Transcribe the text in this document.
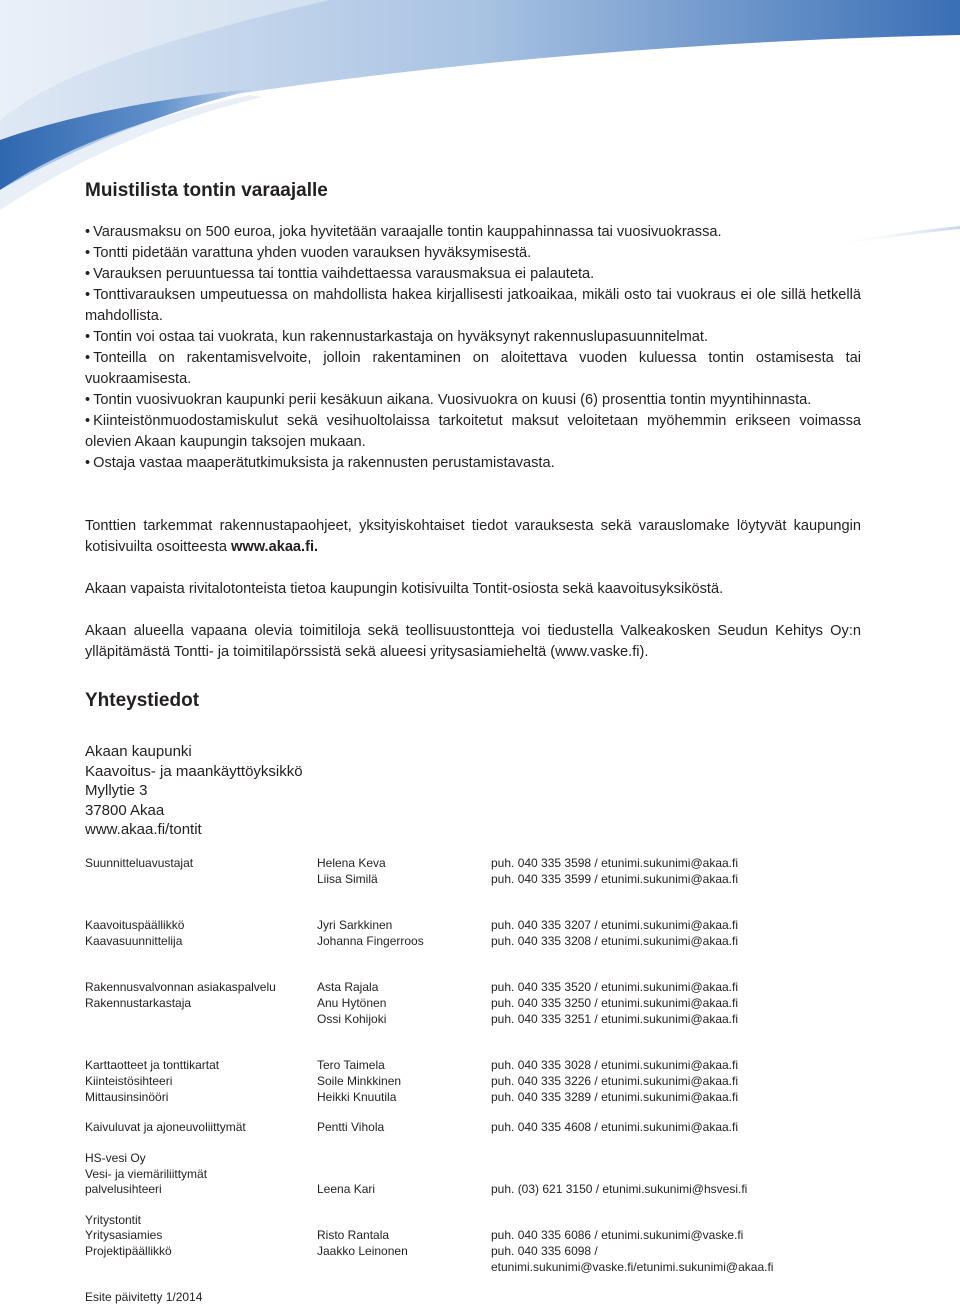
Muistilista tontin varaajalle
• Varausmaksu on 500 euroa, joka hyvitetään varaajalle tontin kauppahinnassa tai vuosivuokrassa.
• Tontti pidetään varattuna yhden vuoden varauksen hyväksymisestä.
• Varauksen peruuntuessa tai tonttia vaihdettaessa varausmaksua ei palauteta.
• Tonttivarauksen umpeutuessa on mahdollista hakea kirjallisesti jatkoaikaa, mikäli osto tai vuokraus ei ole sillä hetkellä mahdollista.
• Tontin voi ostaa tai vuokrata, kun rakennustarkastaja on hyväksynyt rakennuslupasuunnitelmat.
• Tonteilla on rakentamisvelvoite, jolloin rakentaminen on aloitettava vuoden kuluessa tontin ostamisesta tai vuokraamisesta.
• Tontin vuosivuokran kaupunki perii kesäkuun aikana. Vuosivuokra on kuusi (6) prosenttia tontin myyntihinnasta.
• Kiinteistönmuodostamiskulut sekä vesihuoltolaissa tarkoitetut maksut veloitetaan myöhemmin erikseen voimassa olevien Akaan kaupungin taksojen mukaan.
• Ostaja vastaa maaperätutkimuksista ja rakennusten perustamistavasta.

Tonttien tarkemmat rakennustapaohjeet, yksityiskohtaiset tiedot varauksesta sekä varauslomake löytyvät kaupungin kotisivuilta osoitteesta www.akaa.fi.

Akaan vapaista rivitalotonteista tietoa kaupungin kotisivuilta Tontit-osiosta sekä kaavoitusyksiköstä.

Akaan alueella vapaana olevia toimitiloja sekä teollisuustontteja voi tiedustella Valkeakosken Seudun Kehitys Oy:n ylläpitämästä Tontti- ja toimitilapörssistä sekä alueesi yritysasiamieheltä (www.vaske.fi).

Yhteystiedot
Akaan kaupunki
Kaavoitus- ja maankäyttöyksikkö
Myllytie 3
37800 Akaa
www.akaa.fi/tontit
Suunnitteluavustajat	Helena Keva	puh. 040 335 3598 / etunimi.sukunimi@akaa.fi
Liisa Similä	puh. 040 335 3599 / etunimi.sukunimi@akaa.fi
Kaavoituspäällikkö	Jyri Sarkkinen	puh. 040 335 3207 / etunimi.sukunimi@akaa.fi
Kaavasuunnittelija	Johanna Fingerroos	puh. 040 335 3208 / etunimi.sukunimi@akaa.fi
Rakennusvalvonnan asiakaspalvelu	Asta Rajala	puh. 040 335 3520 / etunimi.sukunimi@akaa.fi
Rakennustarkastaja	Anu Hytönen	puh. 040 335 3250 / etunimi.sukunimi@akaa.fi
Ossi Kohijoki	puh. 040 335 3251 / etunimi.sukunimi@akaa.fi
Karttaotteet ja tonttikartat	Tero Taimela	puh. 040 335 3028 / etunimi.sukunimi@akaa.fi
Kiinteistösihteeri	Soile Minkkinen	puh. 040 335 3226 / etunimi.sukunimi@akaa.fi
Mittausinsinööri	Heikki Knuutila	puh. 040 335 3289 / etunimi.sukunimi@akaa.fi
Kaivuluvat ja ajoneuvoliittymät	Pentti Vihola	puh. 040 335 4608 / etunimi.sukunimi@akaa.fi
HS-vesi Oy
Vesi- ja viemäriliittymät
palvelusihteeri	Leena Kari	puh. (03) 621 3150 / etunimi.sukunimi@hsvesi.fi
Yritystontit
Yritysasiamies	Risto Rantala	puh. 040 335 6086 / etunimi.sukunimi@vaske.fi
Projektipäällikkö	Jaakko Leinonen	puh. 040 335 6098 /
etunimi.sukunimi@vaske.fi/etunimi.sukunimi@akaa.fi
Esite päivitetty 1/2014
